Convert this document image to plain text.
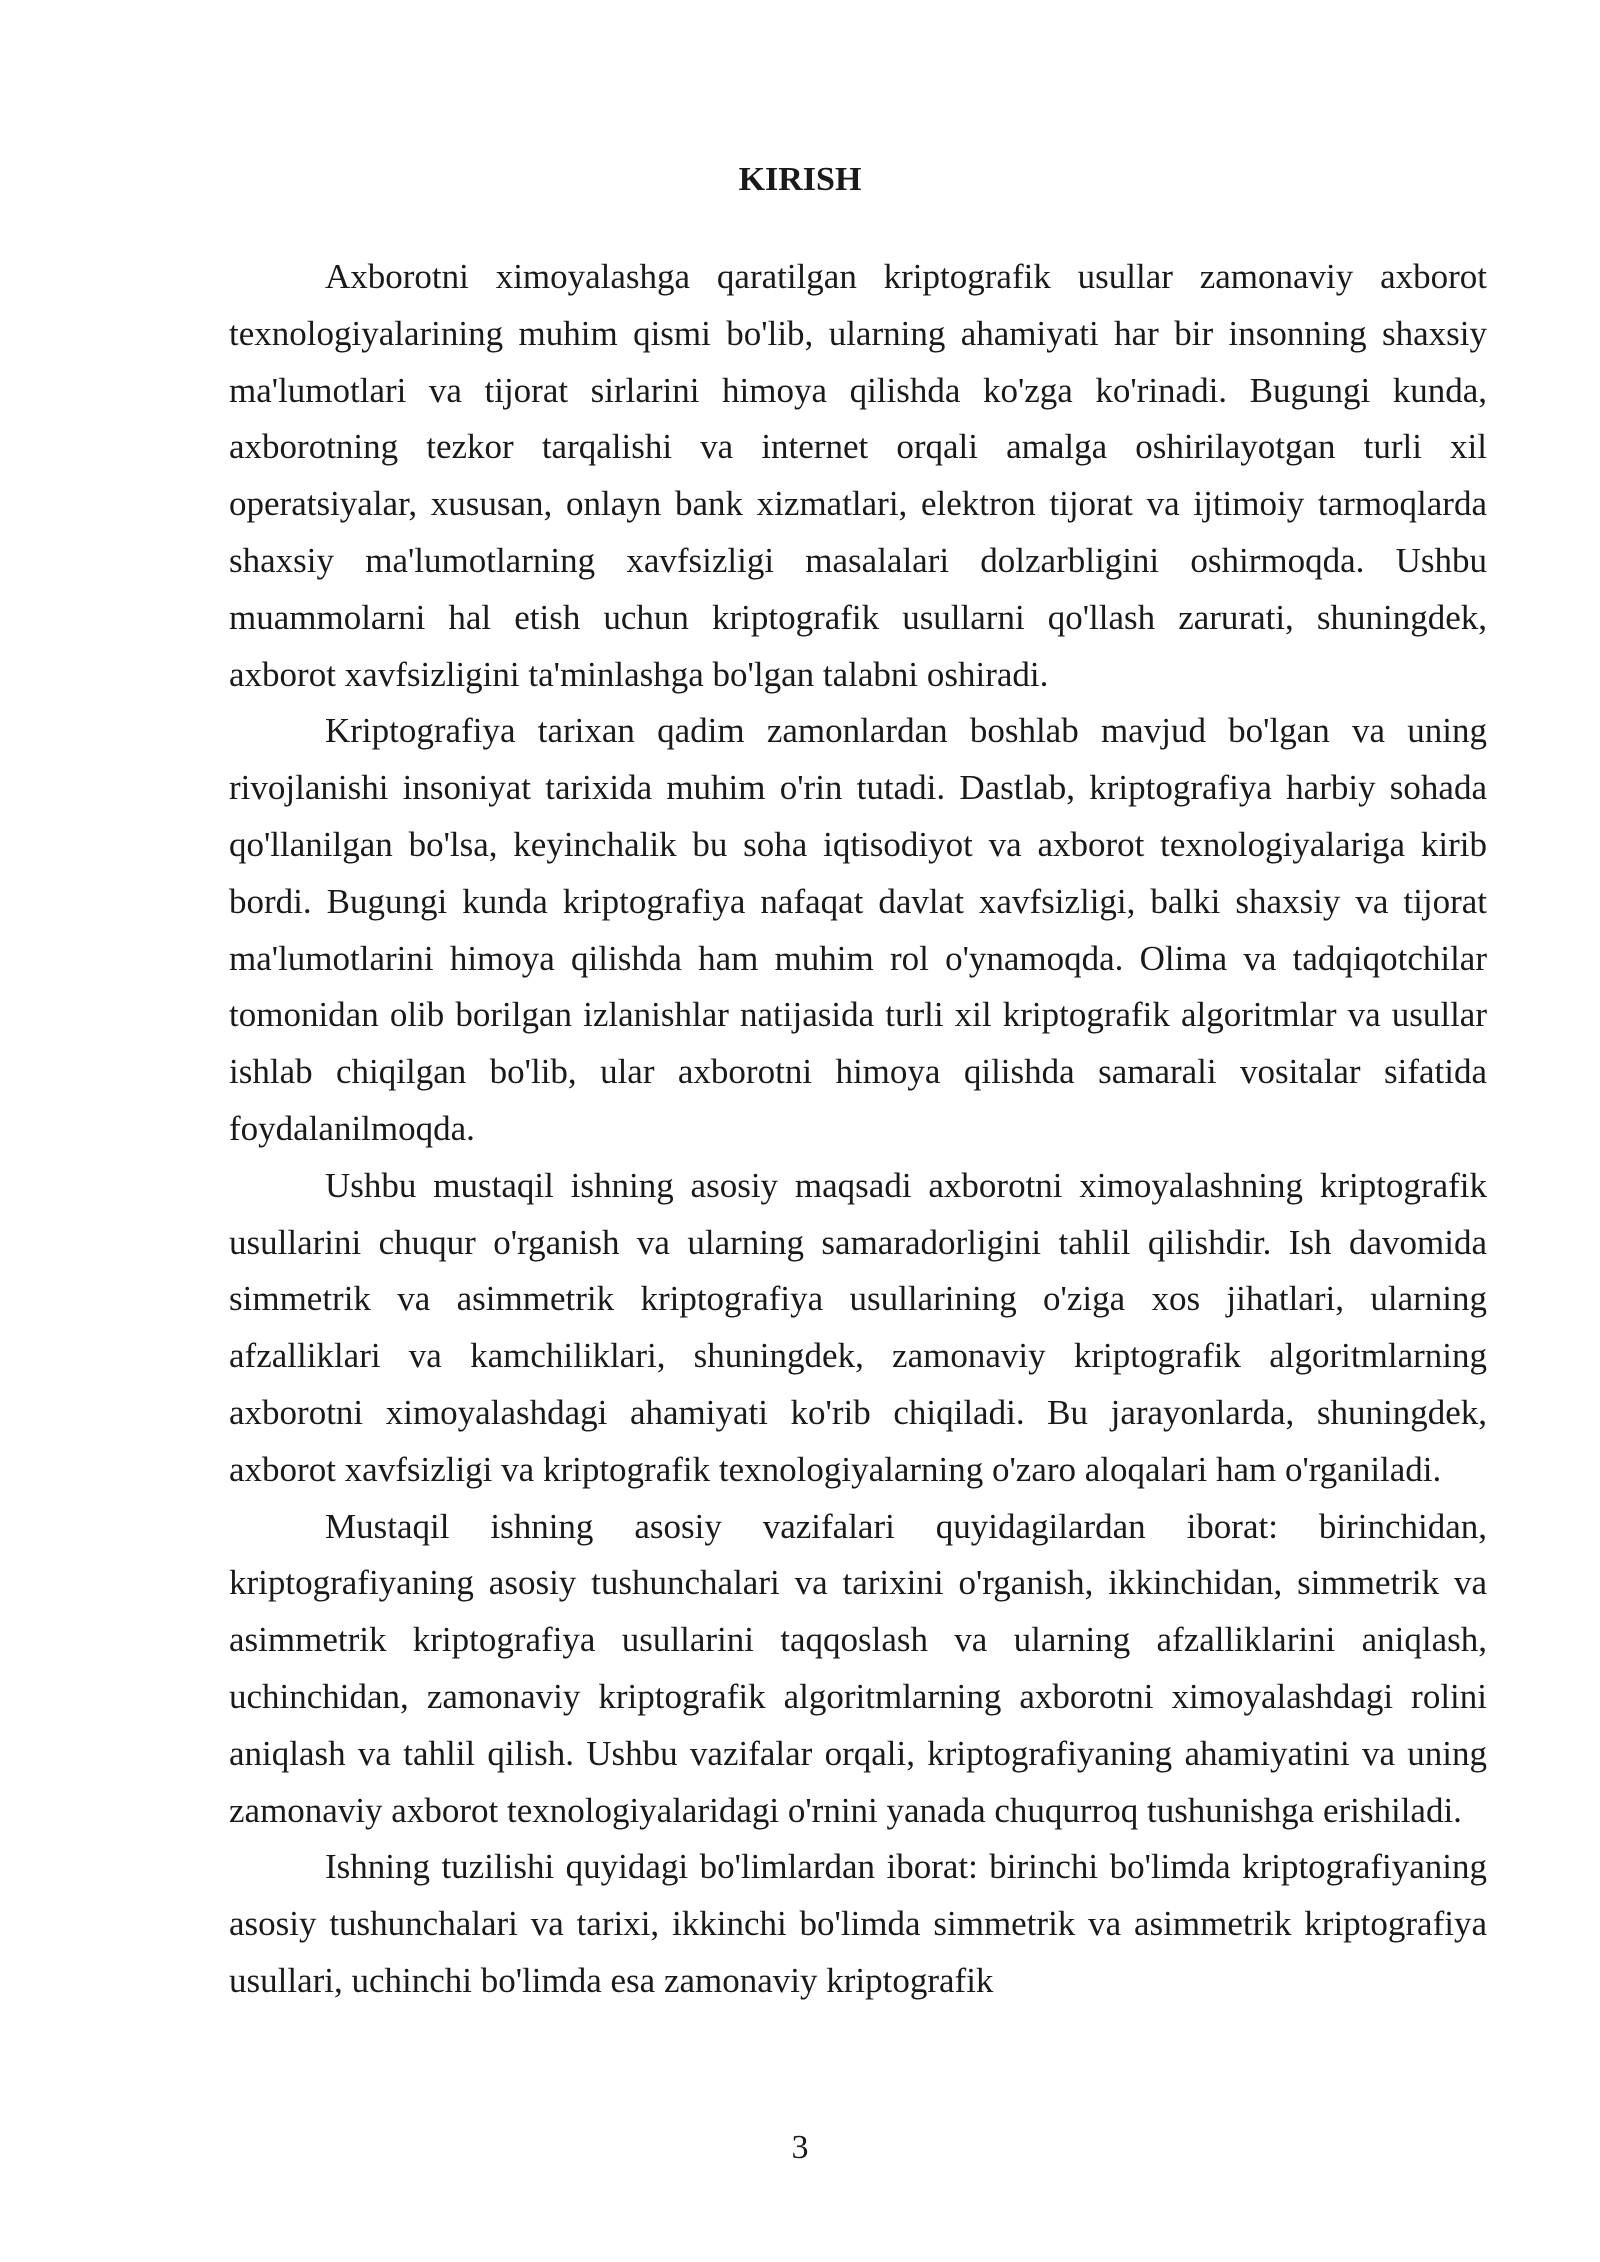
KIRISH

Axborotni ximoyalashga qaratilgan kriptografik usullar zamonaviy axborot texnologiyalarining muhim qismi bo'lib, ularning ahamiyati har bir insonning shaxsiy ma'lumotlari va tijorat sirlarini himoya qilishda ko'zga ko'rinadi. Bugungi kunda, axborotning tezkor tarqalishi va internet orqali amalga oshirilayotgan turli xil operatsiyalar, xususan, onlayn bank xizmatlari, elektron tijorat va ijtimoiy tarmoqlarda shaxsiy ma'lumotlarning xavfsizligi masalalari dolzarbligini oshirmoqda. Ushbu muammolarni hal etish uchun kriptografik usullarni qo'llash zarurati, shuningdek, axborot xavfsizligini ta'minlashga bo'lgan talabni oshiradi.

Kriptografiya tarixan qadim zamonlardan boshlab mavjud bo'lgan va uning rivojlanishi insoniyat tarixida muhim o'rin tutadi. Dastlab, kriptografiya harbiy sohada qo'llanilgan bo'lsa, keyinchalik bu soha iqtisodiyot va axborot texnologiyalariga kirib bordi. Bugungi kunda kriptografiya nafaqat davlat xavfsizligi, balki shaxsiy va tijorat ma'lumotlarini himoya qilishda ham muhim rol o'ynamoqda. Olima va tadqiqotchilar tomonidan olib borilgan izlanishlar natijasida turli xil kriptografik algoritmlar va usullar ishlab chiqilgan bo'lib, ular axborotni himoya qilishda samarali vositalar sifatida foydalanilmoqda.

Ushbu mustaqil ishning asosiy maqsadi axborotni ximoyalashning kriptografik usullarini chuqur o'rganish va ularning samaradorligini tahlil qilishdir. Ish davomida simmetrik va asimmetrik kriptografiya usullarining o'ziga xos jihatlari, ularning afzalliklari va kamchiliklari, shuningdek, zamonaviy kriptografik algoritmlarning axborotni ximoyalashdagi ahamiyati ko'rib chiqiladi. Bu jarayonlarda, shuningdek, axborot xavfsizligi va kriptografik texnologiyalarning o'zaro aloqalari ham o'rganiladi.

Mustaqil ishning asosiy vazifalari quyidagilardan iborat: birinchidan, kriptografiyaning asosiy tushunchalari va tarixini o'rganish, ikkinchidan, simmetrik va asimmetrik kriptografiya usullarini taqqoslash va ularning afzalliklarini aniqlash, uchinchidan, zamonaviy kriptografik algoritmlarning axborotni ximoyalashdagi rolini aniqlash va tahlil qilish. Ushbu vazifalar orqali, kriptografiyaning ahamiyatini va uning zamonaviy axborot texnologiyalaridagi o'rnini yanada chuqurroq tushunishga erishiladi.

Ishning tuzilishi quyidagi bo'limlardan iborat: birinchi bo'limda kriptografiyaning asosiy tushunchalari va tarixi, ikkinchi bo'limda simmetrik va asimmetrik kriptografiya usullari, uchinchi bo'limda esa zamonaviy kriptografik

3
